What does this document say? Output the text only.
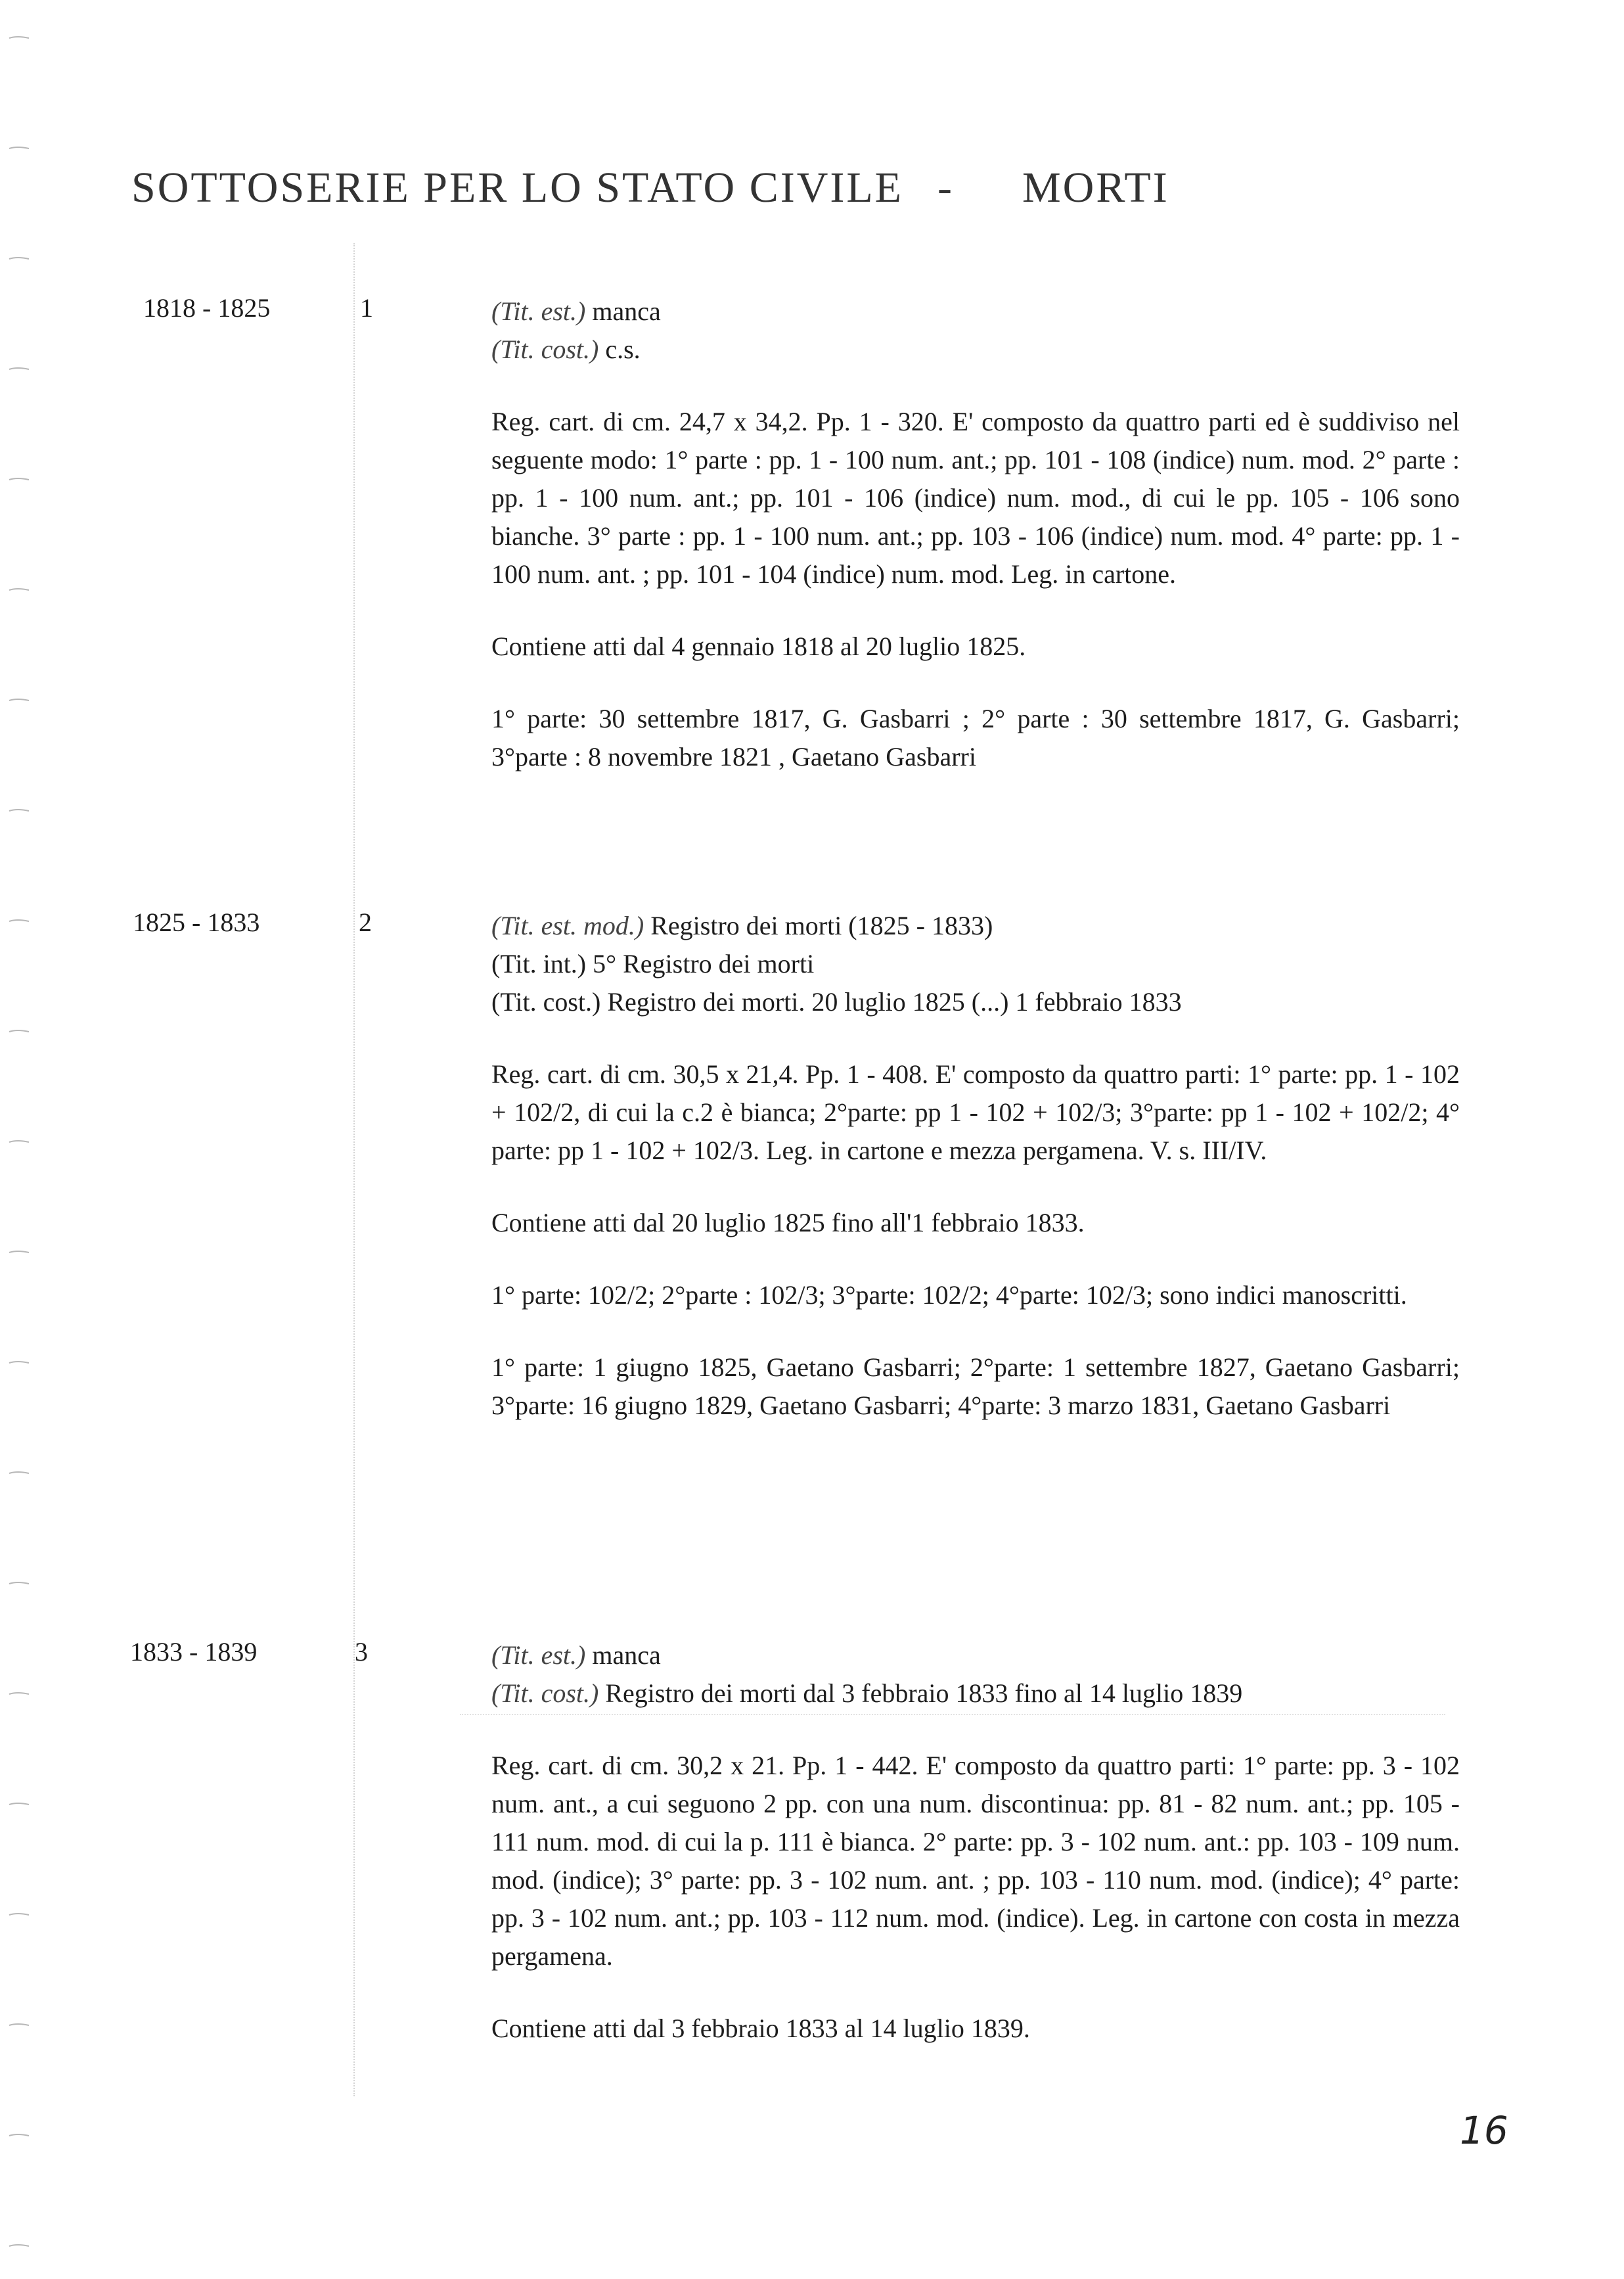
SOTTOSERIE PER LO STATO CIVILE - MORTI
1818 - 1825	1	(Tit. est.) manca

(Tit. cost.) c.s.

Reg. cart. di cm. 24,7 x 34,2. Pp. 1 - 320. E' composto da quattro parti ed è suddiviso nel seguente modo: 1° parte : pp. 1 - 100 num. ant.; pp. 101 - 108 (indice) num. mod. 2° parte : pp. 1 - 100 num. ant.; pp. 101 - 106 (indice) num. mod., di cui le pp. 105 - 106 sono bianche. 3° parte : pp. 1 - 100 num. ant.; pp. 103 - 106 (indice) num. mod. 4° parte: pp. 1 - 100 num. ant. ; pp. 101 - 104 (indice) num. mod. Leg. in cartone.

Contiene atti dal 4 gennaio 1818 al 20 luglio 1825.

1° parte: 30 settembre 1817, G. Gasbarri ; 2° parte : 30 settembre 1817, G. Gasbarri; 3°parte : 8 novembre 1821 , Gaetano Gasbarri

1825 - 1833	2	(Tit. est. mod.) Registro dei morti (1825 - 1833)

(Tit. int.) 5° Registro dei morti

(Tit. cost.) Registro dei morti. 20 luglio 1825 (...) 1 febbraio 1833

Reg. cart. di cm. 30,5 x 21,4. Pp. 1 - 408. E' composto da quattro parti: 1° parte: pp. 1 - 102 + 102/2, di cui la c.2 è bianca; 2°parte: pp 1 - 102 + 102/3; 3°parte: pp 1 - 102 + 102/2; 4° parte: pp 1 - 102 + 102/3. Leg. in cartone e mezza pergamena. V. s. III/IV.

Contiene atti dal 20 luglio 1825 fino all'1 febbraio 1833.

1° parte: 102/2; 2°parte : 102/3; 3°parte: 102/2; 4°parte: 102/3; sono indici manoscritti.

1° parte: 1 giugno 1825, Gaetano Gasbarri; 2°parte: 1 settembre 1827, Gaetano Gasbarri; 3°parte: 16 giugno 1829, Gaetano Gasbarri; 4°parte: 3 marzo 1831, Gaetano Gasbarri

1833 - 1839	3	(Tit. est.) manca

(Tit. cost.) Registro dei morti dal 3 febbraio 1833 fino al 14 luglio 1839

Reg. cart. di cm. 30,2 x 21. Pp. 1 - 442. E' composto da quattro parti: 1° parte: pp. 3 - 102 num. ant., a cui seguono 2 pp. con una num. discontinua: pp. 81 - 82 num. ant.; pp. 105 - 111 num. mod. di cui la p. 111 è bianca. 2° parte: pp. 3 - 102 num. ant.: pp. 103 - 109 num. mod. (indice); 3° parte: pp. 3 - 102 num. ant. ; pp. 103 - 110 num. mod. (indice); 4° parte: pp. 3 - 102 num. ant.; pp. 103 - 112 num. mod. (indice). Leg. in cartone con costa in mezza pergamena.

Contiene atti dal 3 febbraio 1833 al 14 luglio 1839.

16
